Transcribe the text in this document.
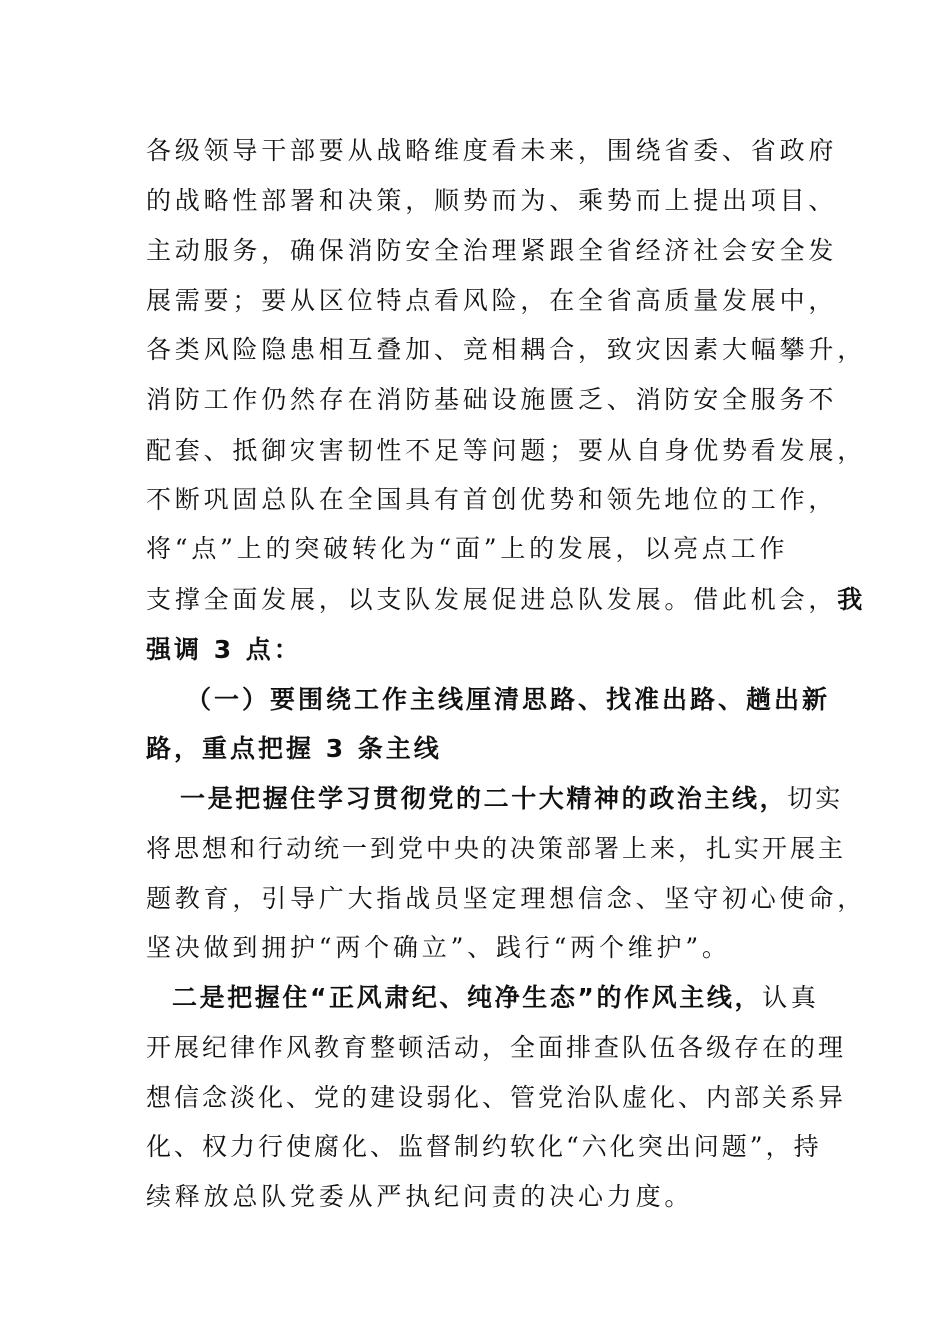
各级领导干部要从战略维度看未来，围绕省委、省政府
的战略性部署和决策，顺势而为、乘势而上提出项目、
主动服务，确保消防安全治理紧跟全省经济社会安全发
展需要；要从区位特点看风险，在全省高质量发展中，
各类风险隐患相互叠加、竞相耦合，致灾因素大幅攀升，
消防工作仍然存在消防基础设施匮乏、消防安全服务不
配套、抵御灾害韧性不足等问题；要从自身优势看发展，
不断巩固总队在全国具有首创优势和领先地位的工作，
将“点”上的突破转化为“面”上的发展，以亮点工作
支撑全面发展，以支队发展促进总队发展。借此机会，我
强调 3 点：
（一）要围绕工作主线厘清思路、找准出路、趟出新
路，重点把握 3 条主线
一是把握住学习贯彻党的二十大精神的政治主线，切实
将思想和行动统一到党中央的决策部署上来，扎实开展主
题教育，引导广大指战员坚定理想信念、坚守初心使命，
坚决做到拥护“两个确立”、践行“两个维护”。
二是把握住“正风肃纪、纯净生态”的作风主线，认真
开展纪律作风教育整顿活动，全面排查队伍各级存在的理
想信念淡化、党的建设弱化、管党治队虚化、内部关系异
化、权力行使腐化、监督制约软化“六化突出问题”，持
续释放总队党委从严执纪问责的决心力度。
